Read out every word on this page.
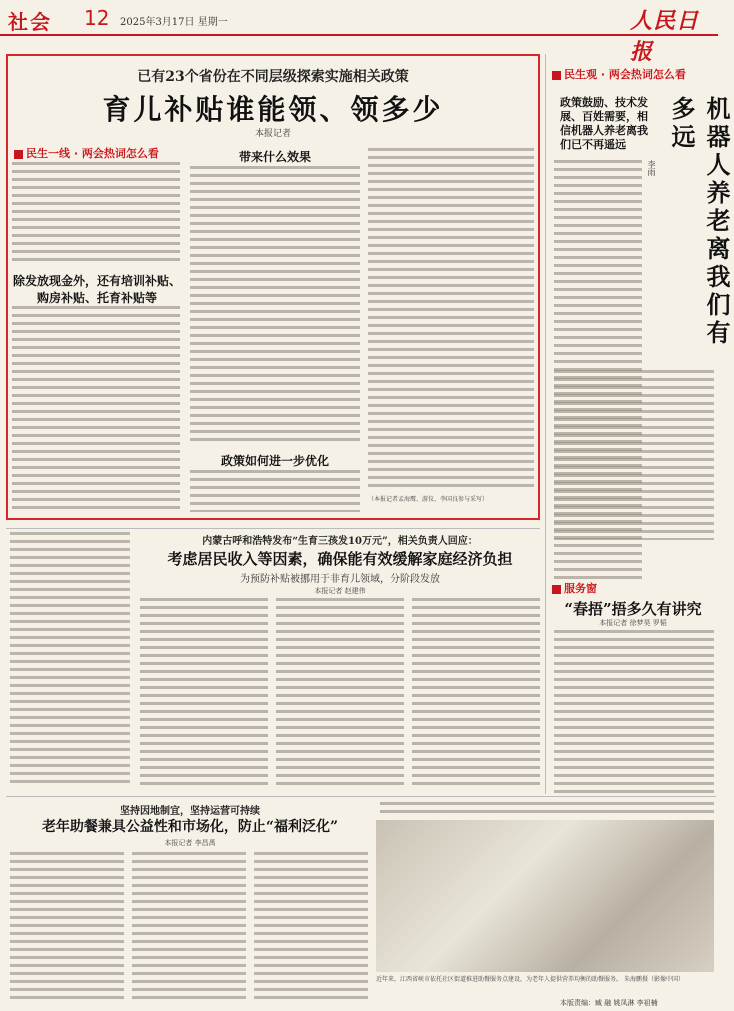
社会 12 2025年3月17日 星期一	人民日报
已有23个省份在不同层级探索实施相关政策
育儿补贴谁能领、领多少
本报记者
民生一线 · 两会热词怎么看
除发放现金外，还有培训补贴、购房补贴、托育补贴等
带来什么效果
政策如何进一步优化
（本报记者孟海鹰、游仪、李国良参与采写）
内蒙古呼和浩特发布“生育三孩发10万元”，相关负责人回应：
考虑居民收入等因素，确保能有效缓解家庭经济负担
为预防补贴被挪用于非育儿领域，分阶段发放
本报记者 赵建伟
坚持因地制宜，坚持运营可持续
老年助餐兼具公益性和市场化，防止“福利泛化”
本报记者 李昌禹
近年来，江西省峡市依托社区街道推进助餐服务点建设，为老年人提供营养均衡的助餐服务。 朱海鹏摄（影像中国）
民生观 · 两会热词怎么看
政策鼓励、技术发展、百姓需要，相信机器人养老离我们已不再遥远	机器人养老离我们有多远
李雨
服务窗
“春捂”捂多久有讲究
本报记者 徐梦昊 罗韬
本版责编：臧 融 姚凤淋 李祖楠
